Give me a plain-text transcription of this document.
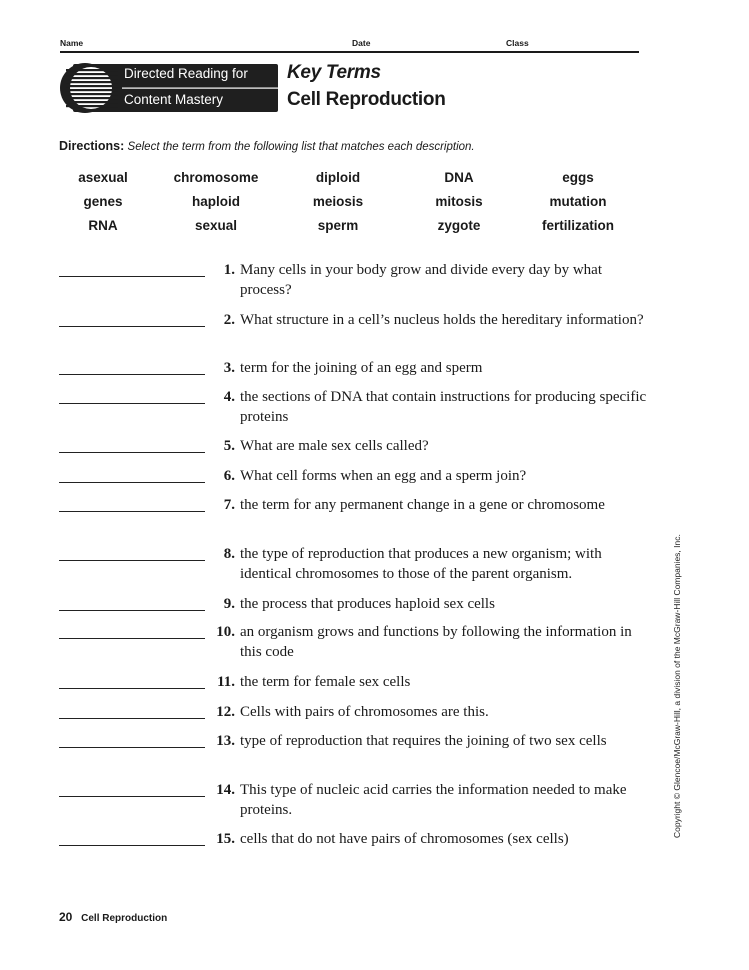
Name	Date	Class
Directed Reading for
Content Mastery
Key Terms
Cell Reproduction
Directions: Select the term from the following list that matches each description.
asexual	chromosome	diploid	DNA	eggs
genes	haploid	meiosis	mitosis	mutation
RNA	sexual	sperm	zygote	fertilization
1. Many cells in your body grow and divide every day by what process?
2. What structure in a cell’s nucleus holds the hereditary information?
3. term for the joining of an egg and sperm
4. the sections of DNA that contain instructions for producing specific proteins
5. What are male sex cells called?
6. What cell forms when an egg and a sperm join?
7. the term for any permanent change in a gene or chromosome
8. the type of reproduction that produces a new organism; with identical chromosomes to those of the parent organism.
9. the process that produces haploid sex cells
10. an organism grows and functions by following the information in this code
11. the term for female sex cells
12. Cells with pairs of chromosomes are this.
13. type of reproduction that requires the joining of two sex cells
14. This type of nucleic acid carries the information needed to make proteins.
15. cells that do not have pairs of chromosomes (sex cells)
Copyright © Glencoe/McGraw-Hill, a division of the McGraw-Hill Companies, Inc.
20 Cell Reproduction
